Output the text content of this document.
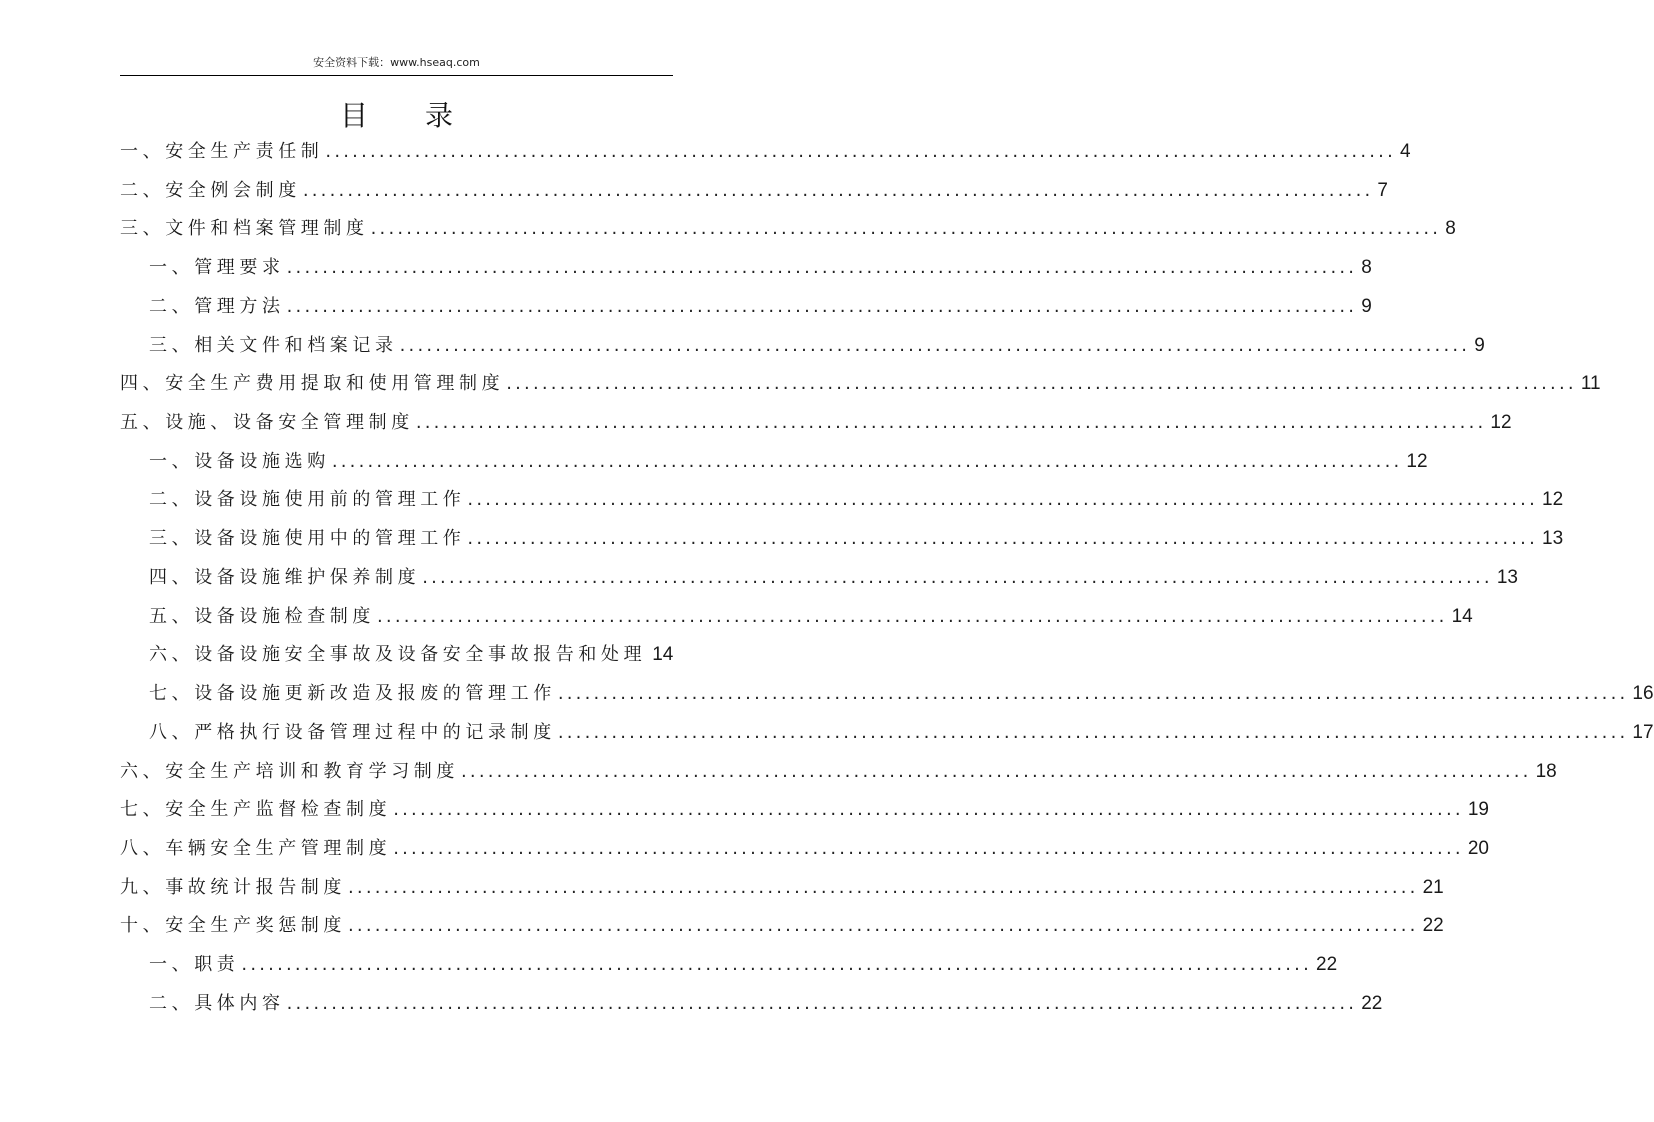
安全资料下载：www.hseaq.com
目 录
一、安全生产责任制 ........................................................................................................................ 4
二、安全例会制度 ........................................................................................................................ 7
三、文件和档案管理制度 ........................................................................................................................ 8
一、管理要求 ........................................................................................................................ 8
二、管理方法 ........................................................................................................................ 9
三、相关文件和档案记录 ........................................................................................................................ 9
四、安全生产费用提取和使用管理制度 ........................................................................................................................ 11
五、设施、设备安全管理制度 ........................................................................................................................ 12
一、设备设施选购 ........................................................................................................................ 12
二、设备设施使用前的管理工作 ........................................................................................................................ 12
三、设备设施使用中的管理工作 ........................................................................................................................ 13
四、设备设施维护保养制度 ........................................................................................................................ 13
五、设备设施检查制度 ........................................................................................................................ 14
六、设备设施安全事故及设备安全事故报告和处理 14
七、设备设施更新改造及报废的管理工作 ........................................................................................................................ 16
八、严格执行设备管理过程中的记录制度 ........................................................................................................................ 17
六、安全生产培训和教育学习制度 ........................................................................................................................ 18
七、安全生产监督检查制度 ........................................................................................................................ 19
八、车辆安全生产管理制度 ........................................................................................................................ 20
九、事故统计报告制度 ........................................................................................................................ 21
十、安全生产奖惩制度 ........................................................................................................................ 22
一、职责 ........................................................................................................................ 22
二、具体内容 ........................................................................................................................ 22
